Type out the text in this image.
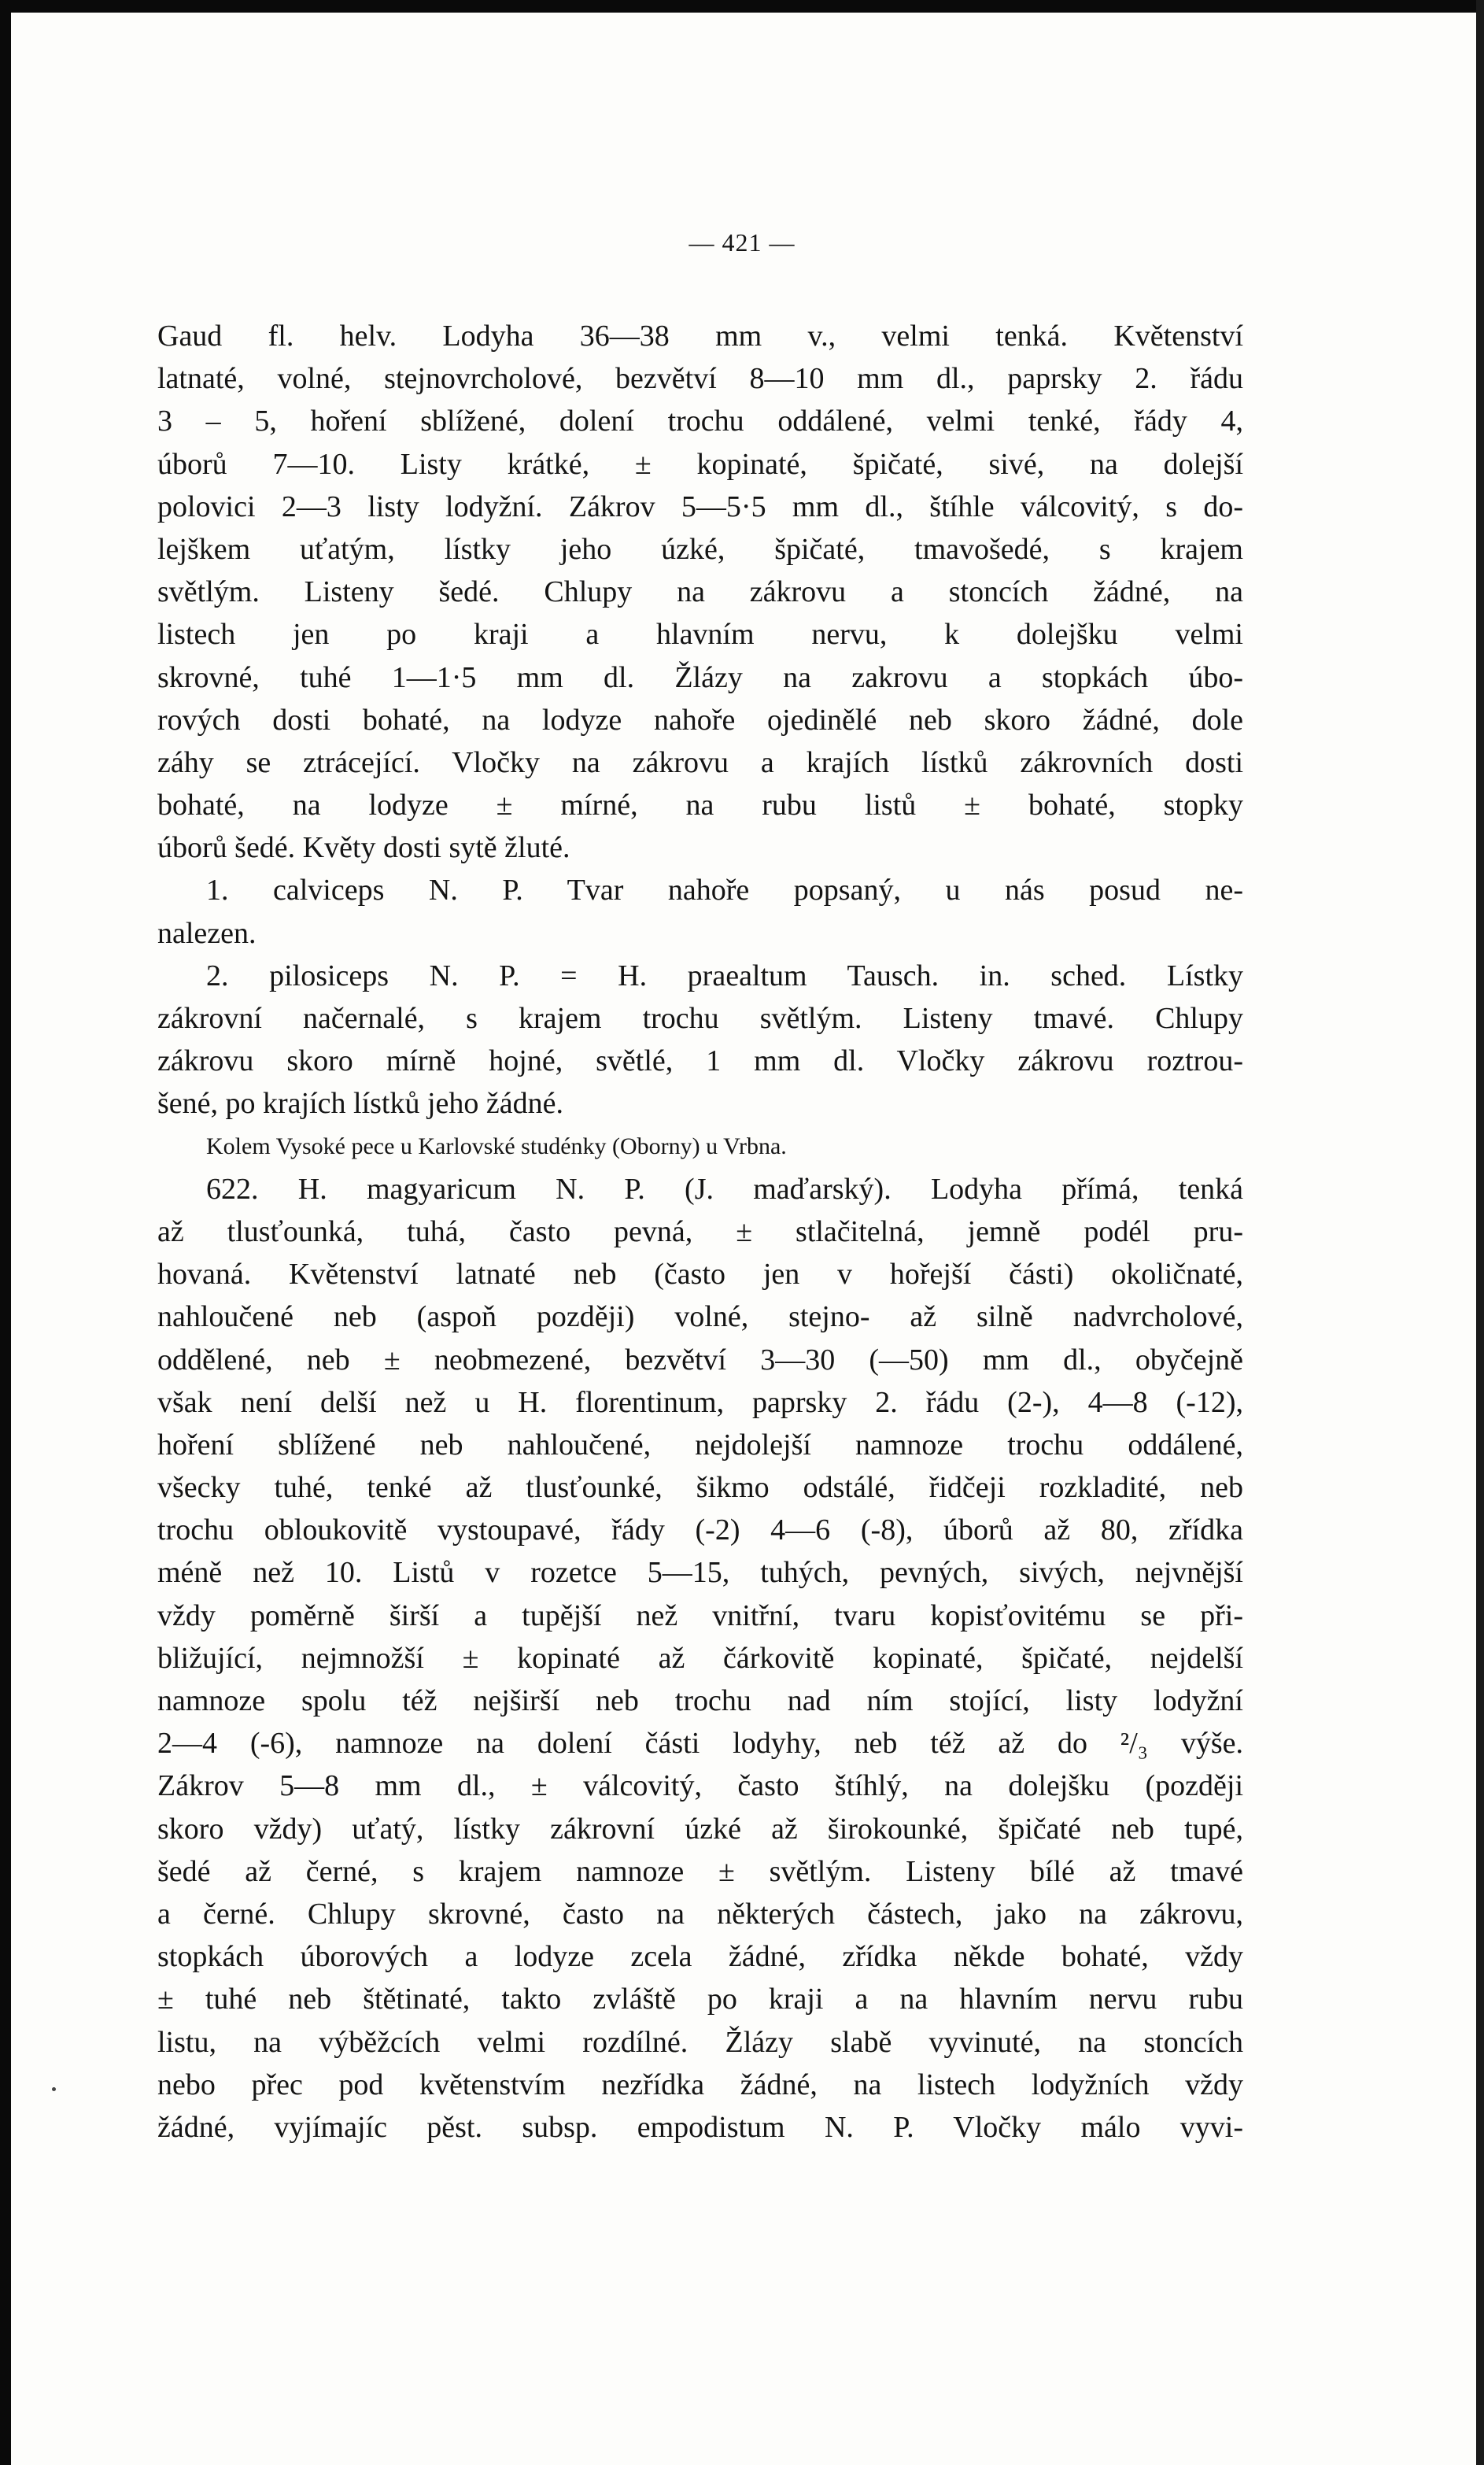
— 421 —
Gaud fl. helv. Lodyha 36—38 mm v., velmi tenká. Květenství
latnaté, volné, stejnovrcholové, bezvětví 8—10 mm dl., paprsky 2. řádu
3 – 5, hoření sblížené, dolení trochu oddálené, velmi tenké, řády 4,
úborů 7—10. Listy krátké, ± kopinaté, špičaté, sivé, na dolejší
polovici 2—3 listy lodyžní. Zákrov 5—5·5 mm dl., štíhle válcovitý, s do-
lejškem uťatým, lístky jeho úzké, špičaté, tmavošedé, s krajem
světlým. Listeny šedé. Chlupy na zákrovu a stoncích žádné, na
listech jen po kraji a hlavním nervu, k dolejšku velmi
skrovné, tuhé 1—1·5 mm dl. Žlázy na zakrovu a stopkách úbo-
rových dosti bohaté, na lodyze nahoře ojedinělé neb skoro žádné, dole
záhy se ztrácející. Vločky na zákrovu a krajích lístků zákrovních dosti
bohaté, na lodyze ± mírné, na rubu listů ± bohaté, stopky
úborů šedé. Květy dosti sytě žluté.
1. calviceps N. P. Tvar nahoře popsaný, u nás posud ne-
nalezen.
2. pilosiceps N. P. = H. praealtum Tausch. in. sched. Lístky
zákrovní načernalé, s krajem trochu světlým. Listeny tmavé. Chlupy
zákrovu skoro mírně hojné, světlé, 1 mm dl. Vločky zákrovu roztrou-
šené, po krajích lístků jeho žádné.
Kolem Vysoké pece u Karlovské studénky (Oborny) u Vrbna.
622. H. magyaricum N. P. (J. maďarský). Lodyha přímá, tenká
až tlusťounká, tuhá, často pevná, ± stlačitelná, jemně podél pru-
hovaná. Květenství latnaté neb (často jen v hořejší části) okoličnaté,
nahloučené neb (aspoň později) volné, stejno- až silně nadvrcholové,
oddělené, neb ± neobmezené, bezvětví 3—30 (—50) mm dl., obyčejně
však není delší než u H. florentinum, paprsky 2. řádu (2-), 4—8 (-12),
hoření sblížené neb nahloučené, nejdolejší namnoze trochu oddálené,
všecky tuhé, tenké až tlusťounké, šikmo odstálé, řidčeji rozkladité, neb
trochu obloukovitě vystoupavé, řády (-2) 4—6 (-8), úborů až 80, zřídka
méně než 10. Listů v rozetce 5—15, tuhých, pevných, sivých, nejvnější
vždy poměrně širší a tupější než vnitřní, tvaru kopisťovitému se při-
bližující, nejmnožší ± kopinaté až čárkovitě kopinaté, špičaté, nejdelší
namnoze spolu též nejširší neb trochu nad ním stojící, listy lodyžní
2—4 (-6), namnoze na dolení části lodyhy, neb též až do ²/₃ výše.
Zákrov 5—8 mm dl., ± válcovitý, často štíhlý, na dolejšku (později
skoro vždy) uťatý, lístky zákrovní úzké až širokounké, špičaté neb tupé,
šedé až černé, s krajem namnoze ± světlým. Listeny bílé až tmavé
a černé. Chlupy skrovné, často na některých částech, jako na zákrovu,
stopkách úborových a lodyze zcela žádné, zřídka někde bohaté, vždy
± tuhé neb štětinaté, takto zvláště po kraji a na hlavním nervu rubu
listu, na výběžcích velmi rozdílné. Žlázy slabě vyvinuté, na stoncích
nebo přec pod květenstvím nezřídka žádné, na listech lodyžních vždy
žádné, vyjímajíc pěst. subsp. empodistum N. P. Vločky málo vyvi-
